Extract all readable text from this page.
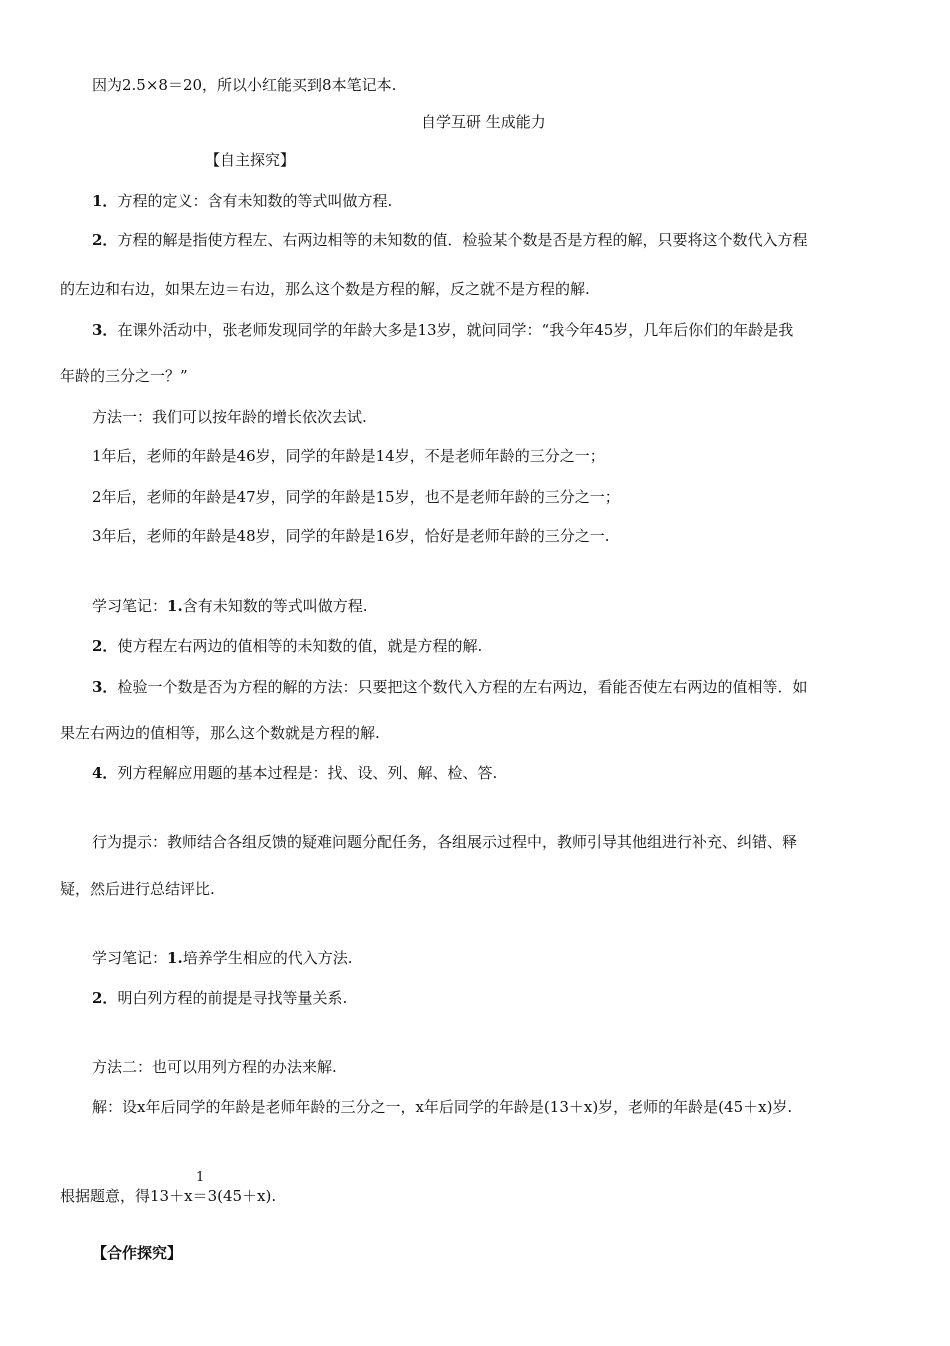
因为2.5×8＝20，所以小红能买到8本笔记本.
自学互研 生成能力
【自主探究】
1．方程的定义：含有未知数的等式叫做方程.
2．方程的解是指使方程左、右两边相等的未知数的值．检验某个数是否是方程的解，只要将这个数代入方程
的左边和右边，如果左边＝右边，那么这个数是方程的解，反之就不是方程的解.
3．在课外活动中，张老师发现同学的年龄大多是13岁，就问同学：“我今年45岁，几年后你们的年龄是我
年龄的三分之一？”
方法一：我们可以按年龄的增长依次去试.
1年后，老师的年龄是46岁，同学的年龄是14岁，不是老师年龄的三分之一；
2年后，老师的年龄是47岁，同学的年龄是15岁，也不是老师年龄的三分之一；
3年后，老师的年龄是48岁，同学的年龄是16岁，恰好是老师年龄的三分之一.
学习笔记：1.含有未知数的等式叫做方程.
2．使方程左右两边的值相等的未知数的值，就是方程的解.
3．检验一个数是否为方程的解的方法：只要把这个数代入方程的左右两边，看能否使左右两边的值相等．如
果左右两边的值相等，那么这个数就是方程的解.
4．列方程解应用题的基本过程是：找、设、列、解、检、答.
行为提示：教师结合各组反馈的疑难问题分配任务，各组展示过程中，教师引导其他组进行补充、纠错、释
疑，然后进行总结评比.
学习笔记：1.培养学生相应的代入方法.
2．明白列方程的前提是寻找等量关系.
方法二：也可以用列方程的办法来解.
解：设x年后同学的年龄是老师年龄的三分之一，x年后同学的年龄是(13＋x)岁，老师的年龄是(45＋x)岁.
1
根据题意，得13＋x＝3(45＋x).
【合作探究】
